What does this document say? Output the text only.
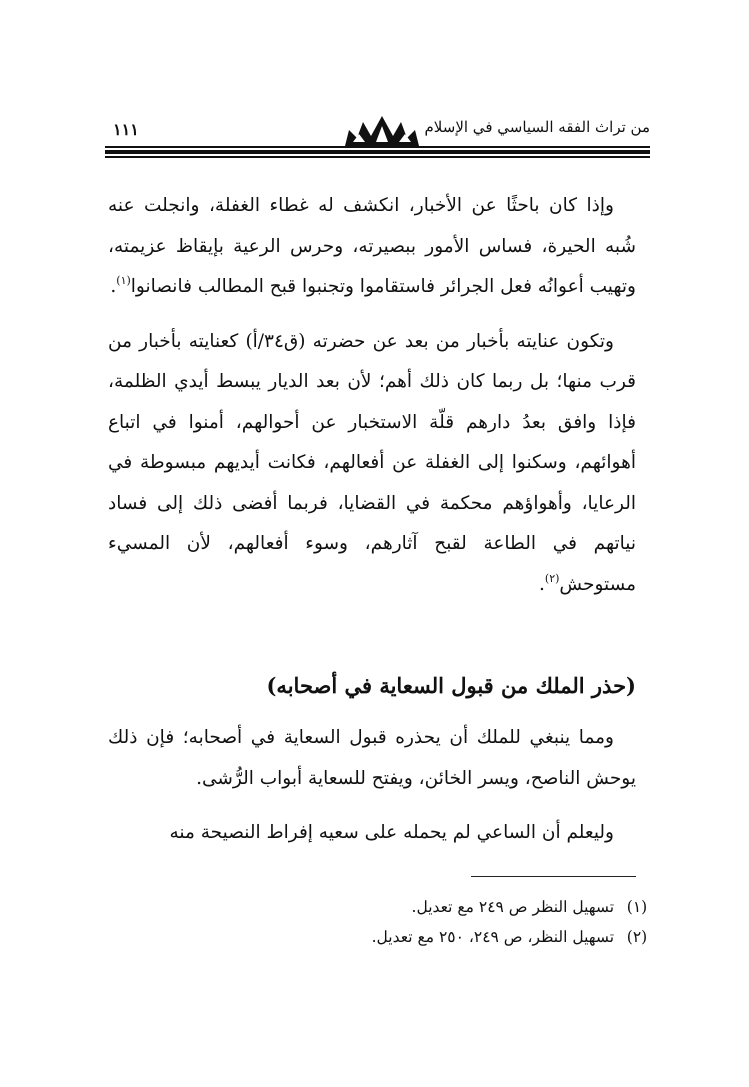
من تراث الفقه السياسي في الإسلام
١١١

وإذا كان باحثًا عن الأخبار، انكشف له غطاء الغفلة، وانجلت عنه شُبه الحيرة، فساس الأمور ببصيرته، وحرس الرعية بإيقاظ عزيمته، وتهيب أعوانُه فعل الجرائر فاستقاموا وتجنبوا قبح المطالب فانصانوا$^{(١)}$.

وتكون عنايته بأخبار من بعد عن حضرته (ق٣٤/أ) كعنايته بأخبار من قرب منها؛ بل ربما كان ذلك أهم؛ لأن بعد الديار يبسط أيدي الظلمة، فإذا وافق بعدُ دارهم قلّة الاستخبار عن أحوالهم، أمنوا في اتباع أهوائهم، وسكنوا إلى الغفلة عن أفعالهم، فكانت أيديهم مبسوطة في الرعايا، وأهواؤهم محكمة في القضايا، فربما أفضى ذلك إلى فساد نياتهم في الطاعة لقبح آثارهم، وسوء أفعالهم، لأن المسيء مستوحش$^{(٢)}$.

(حذر الملك من قبول السعاية في أصحابه)

ومما ينبغي للملك أن يحذره قبول السعاية في أصحابه؛ فإن ذلك يوحش الناصح، ويسر الخائن، ويفتح للسعاية أبواب الرُّشى.

وليعلم أن الساعي لم يحمله على سعيه إفراط النصيحة منه

(١) تسهيل النظر ص ٢٤٩ مع تعديل.
(٢) تسهيل النظر، ص ٢٤٩، ٢٥٠ مع تعديل.
